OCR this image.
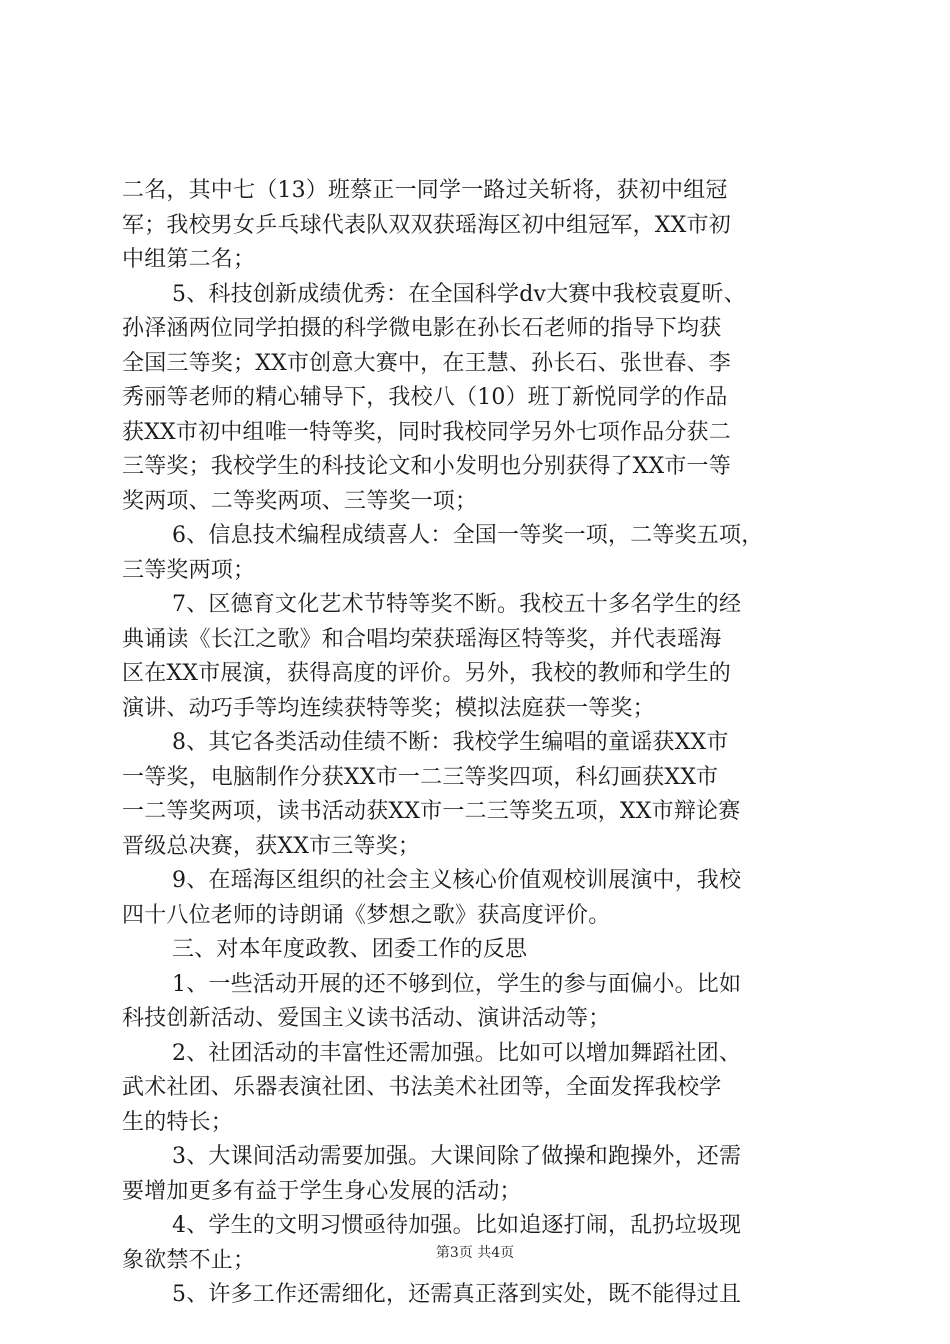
二名，其中七（13）班蔡正一同学一路过关斩将，获初中组冠
军；我校男女乒乓球代表队双双获瑶海区初中组冠军，XX市初
中组第二名；
5、科技创新成绩优秀：在全国科学dv大赛中我校袁夏昕、
孙泽涵两位同学拍摄的科学微电影在孙长石老师的指导下均获
全国三等奖；XX市创意大赛中，在王慧、孙长石、张世春、李
秀丽等老师的精心辅导下，我校八（10）班丁新悦同学的作品
获XX市初中组唯一特等奖，同时我校同学另外七项作品分获二
三等奖；我校学生的科技论文和小发明也分别获得了XX市一等
奖两项、二等奖两项、三等奖一项；
6、信息技术编程成绩喜人：全国一等奖一项，二等奖五项，
三等奖两项；
7、区德育文化艺术节特等奖不断。我校五十多名学生的经
典诵读《长江之歌》和合唱均荣获瑶海区特等奖，并代表瑶海
区在XX市展演，获得高度的评价。另外，我校的教师和学生的
演讲、动巧手等均连续获特等奖；模拟法庭获一等奖；
8、其它各类活动佳绩不断：我校学生编唱的童谣获XX市
一等奖，电脑制作分获XX市一二三等奖四项，科幻画获XX市
一二等奖两项，读书活动获XX市一二三等奖五项，XX市辩论赛
晋级总决赛，获XX市三等奖；
9、在瑶海区组织的社会主义核心价值观校训展演中，我校
四十八位老师的诗朗诵《梦想之歌》获高度评价。
三、对本年度政教、团委工作的反思
1、一些活动开展的还不够到位，学生的参与面偏小。比如
科技创新活动、爱国主义读书活动、演讲活动等；
2、社团活动的丰富性还需加强。比如可以增加舞蹈社团、
武术社团、乐器表演社团、书法美术社团等，全面发挥我校学
生的特长；
3、大课间活动需要加强。大课间除了做操和跑操外，还需
要增加更多有益于学生身心发展的活动；
4、学生的文明习惯亟待加强。比如追逐打闹，乱扔垃圾现
象欲禁不止；
5、许多工作还需细化，还需真正落到实处，既不能得过且
第3页 共4页
